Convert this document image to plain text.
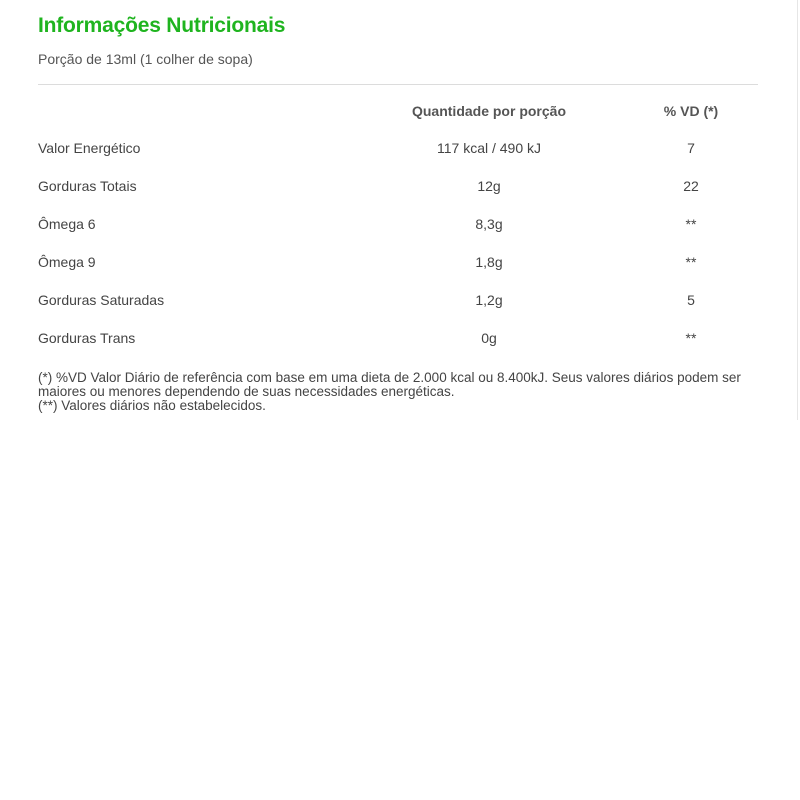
Informações Nutricionais
Porção de 13ml (1 colher de sopa)
	Quantidade por porção	% VD (*)
Valor Energético	117 kcal / 490 kJ	7
Gorduras Totais	12g	22
Ômega 6	8,3g	**
Ômega 9	1,8g	**
Gorduras Saturadas	1,2g	5
Gorduras Trans	0g	**
(*) %VD Valor Diário de referência com base em uma dieta de 2.000 kcal ou 8.400kJ. Seus valores diários podem ser maiores ou menores dependendo de suas necessidades energéticas.
(**) Valores diários não estabelecidos.
